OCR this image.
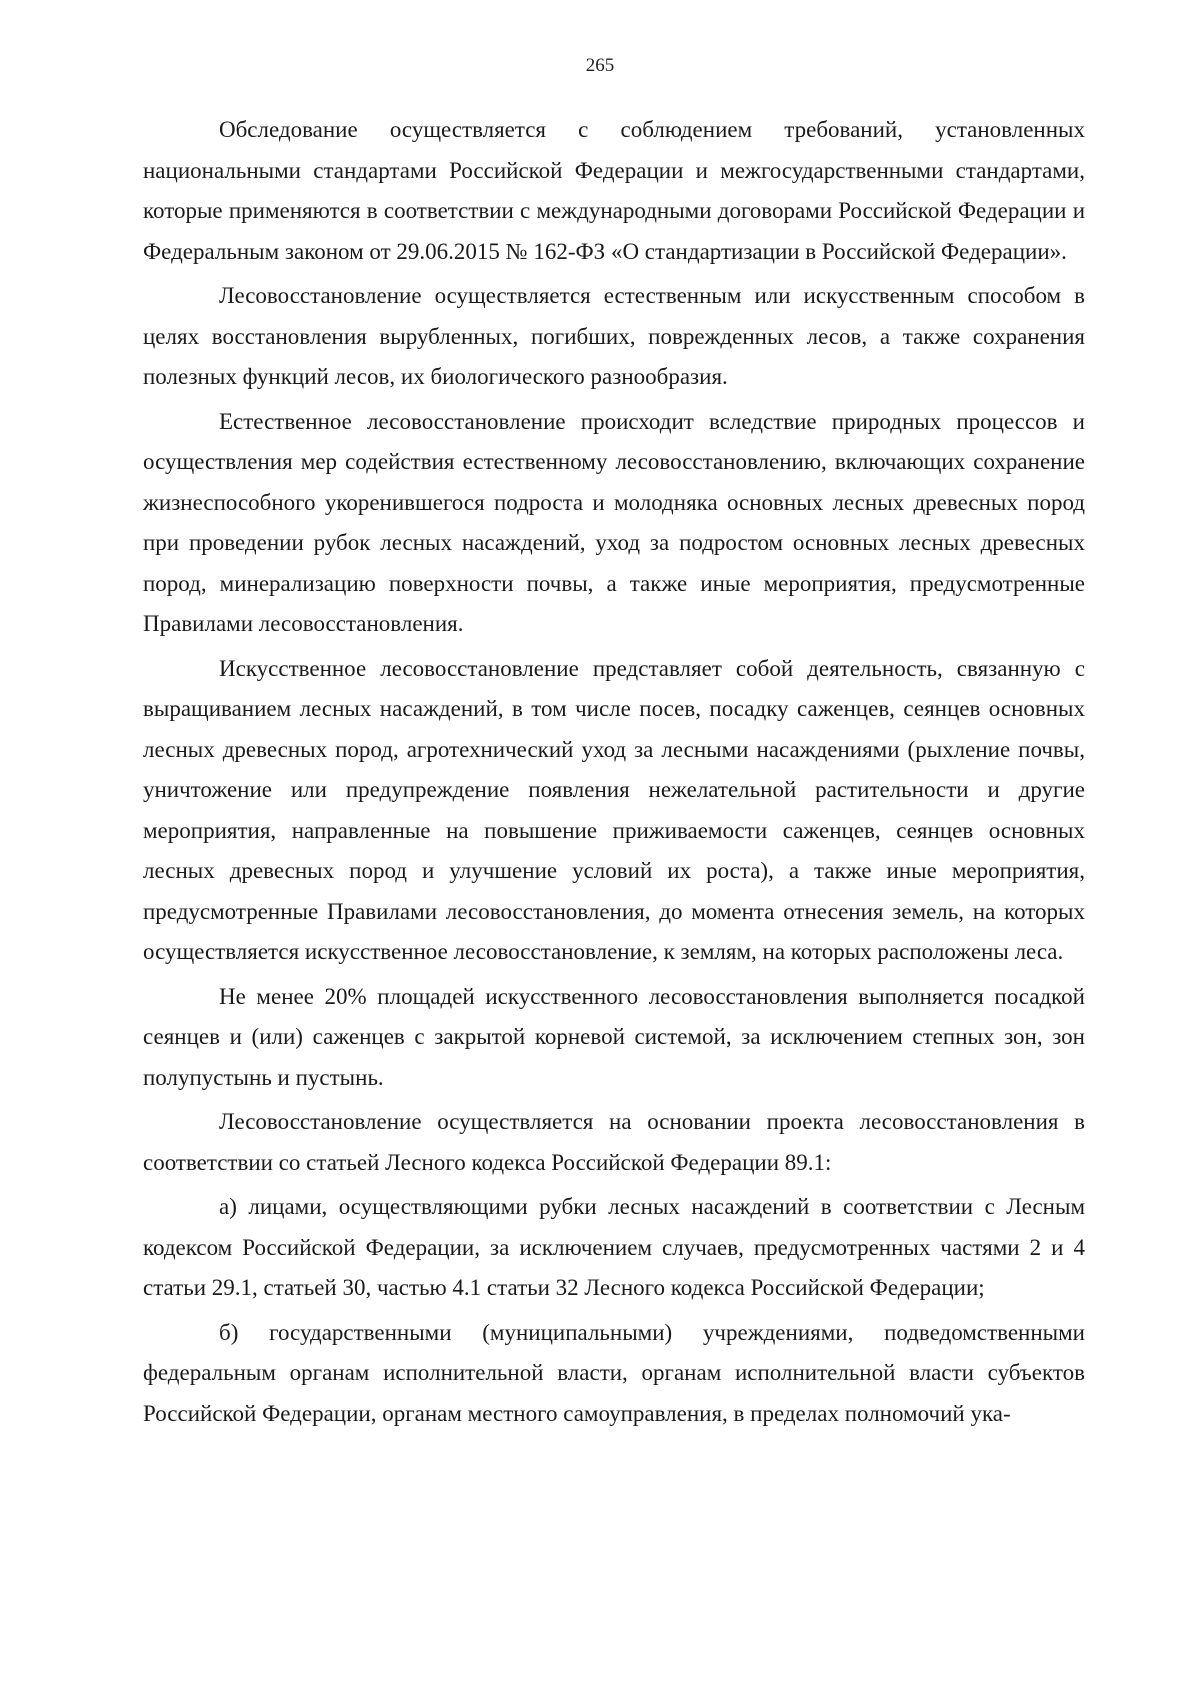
265

Обследование осуществляется с соблюдением требований, установленных национальными стандартами Российской Федерации и межгосударственными стандартами, которые применяются в соответствии с международными договорами Российской Федерации и Федеральным законом от 29.06.2015 № 162-ФЗ «О стандартизации в Российской Федерации».

Лесовосстановление осуществляется естественным или искусственным способом в целях восстановления вырубленных, погибших, поврежденных лесов, а также сохранения полезных функций лесов, их биологического разнообразия.

Естественное лесовосстановление происходит вследствие природных процессов и осуществления мер содействия естественному лесовосстановлению, включающих сохранение жизнеспособного укоренившегося подроста и молодняка основных лесных древесных пород при проведении рубок лесных насаждений, уход за подростом основных лесных древесных пород, минерализацию поверхности почвы, а также иные мероприятия, предусмотренные Правилами лесовосстановления.

Искусственное лесовосстановление представляет собой деятельность, связанную с выращиванием лесных насаждений, в том числе посев, посадку саженцев, сеянцев основных лесных древесных пород, агротехнический уход за лесными насаждениями (рыхление почвы, уничтожение или предупреждение появления нежелательной растительности и другие мероприятия, направленные на повышение приживаемости саженцев, сеянцев основных лесных древесных пород и улучшение условий их роста), а также иные мероприятия, предусмотренные Правилами лесовосстановления, до момента отнесения земель, на которых осуществляется искусственное лесовосстановление, к землям, на которых расположены леса.

Не менее 20% площадей искусственного лесовосстановления выполняется посадкой сеянцев и (или) саженцев с закрытой корневой системой, за исключением степных зон, зон полупустынь и пустынь.

Лесовосстановление осуществляется на основании проекта лесовосстановления в соответствии со статьей Лесного кодекса Российской Федерации 89.1:

а) лицами, осуществляющими рубки лесных насаждений в соответствии с Лесным кодексом Российской Федерации, за исключением случаев, предусмотренных частями 2 и 4 статьи 29.1, статьей 30, частью 4.1 статьи 32 Лесного кодекса Российской Федерации;

б) государственными (муниципальными) учреждениями, подведомственными федеральным органам исполнительной власти, органам исполнительной власти субъектов Российской Федерации, органам местного самоуправления, в пределах полномочий ука-
